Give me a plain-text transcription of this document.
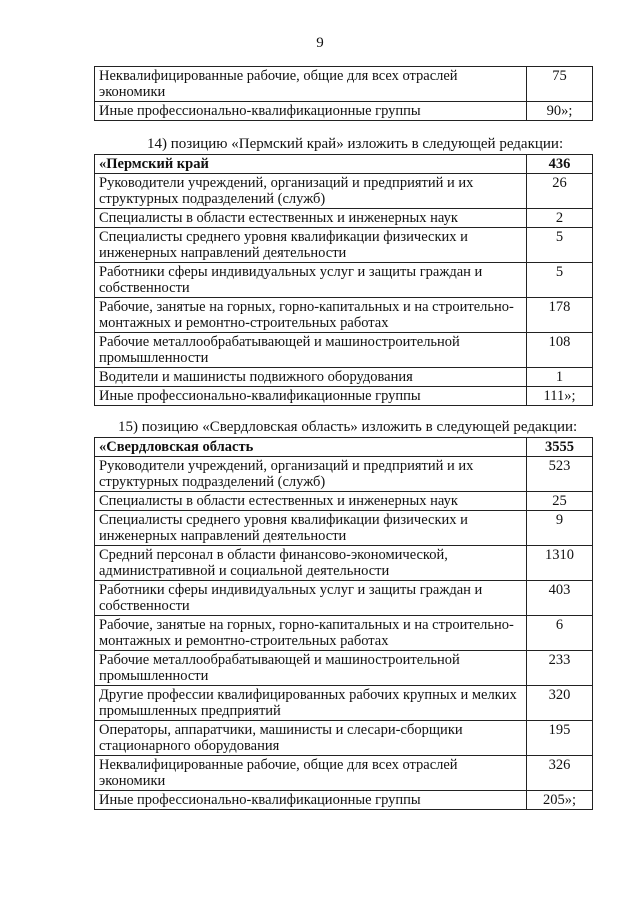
9
Неквалифицированные рабочие, общие для всех отраслей экономики	75
Иные профессионально-квалификационные группы	90»;
14) позицию «Пермский край» изложить в следующей редакции:
«Пермский край	436
Руководители учреждений, организаций и предприятий и их структурных подразделений (служб)	26
Специалисты в области естественных и инженерных наук	2
Специалисты среднего уровня квалификации физических и инженерных направлений деятельности	5
Работники сферы индивидуальных услуг и защиты граждан и собственности	5
Рабочие, занятые на горных, горно-капитальных и на строительно-монтажных и ремонтно-строительных работах	178
Рабочие металлообрабатывающей и машиностроительной промышленности	108
Водители и машинисты подвижного оборудования	1
Иные профессионально-квалификационные группы	111»;
15) позицию «Свердловская область» изложить в следующей редакции:
«Свердловская область	3555
Руководители учреждений, организаций и предприятий и их структурных подразделений (служб)	523
Специалисты в области естественных и инженерных наук	25
Специалисты среднего уровня квалификации физических и инженерных направлений деятельности	9
Средний персонал в области финансово-экономической, административной и социальной деятельности	1310
Работники сферы индивидуальных услуг и защиты граждан и собственности	403
Рабочие, занятые на горных, горно-капитальных и на строительно-монтажных и ремонтно-строительных работах	6
Рабочие металлообрабатывающей и машиностроительной промышленности	233
Другие профессии квалифицированных рабочих крупных и мелких промышленных предприятий	320
Операторы, аппаратчики, машинисты и слесари-сборщики стационарного оборудования	195
Неквалифицированные рабочие, общие для всех отраслей экономики	326
Иные профессионально-квалификационные группы	205»;
